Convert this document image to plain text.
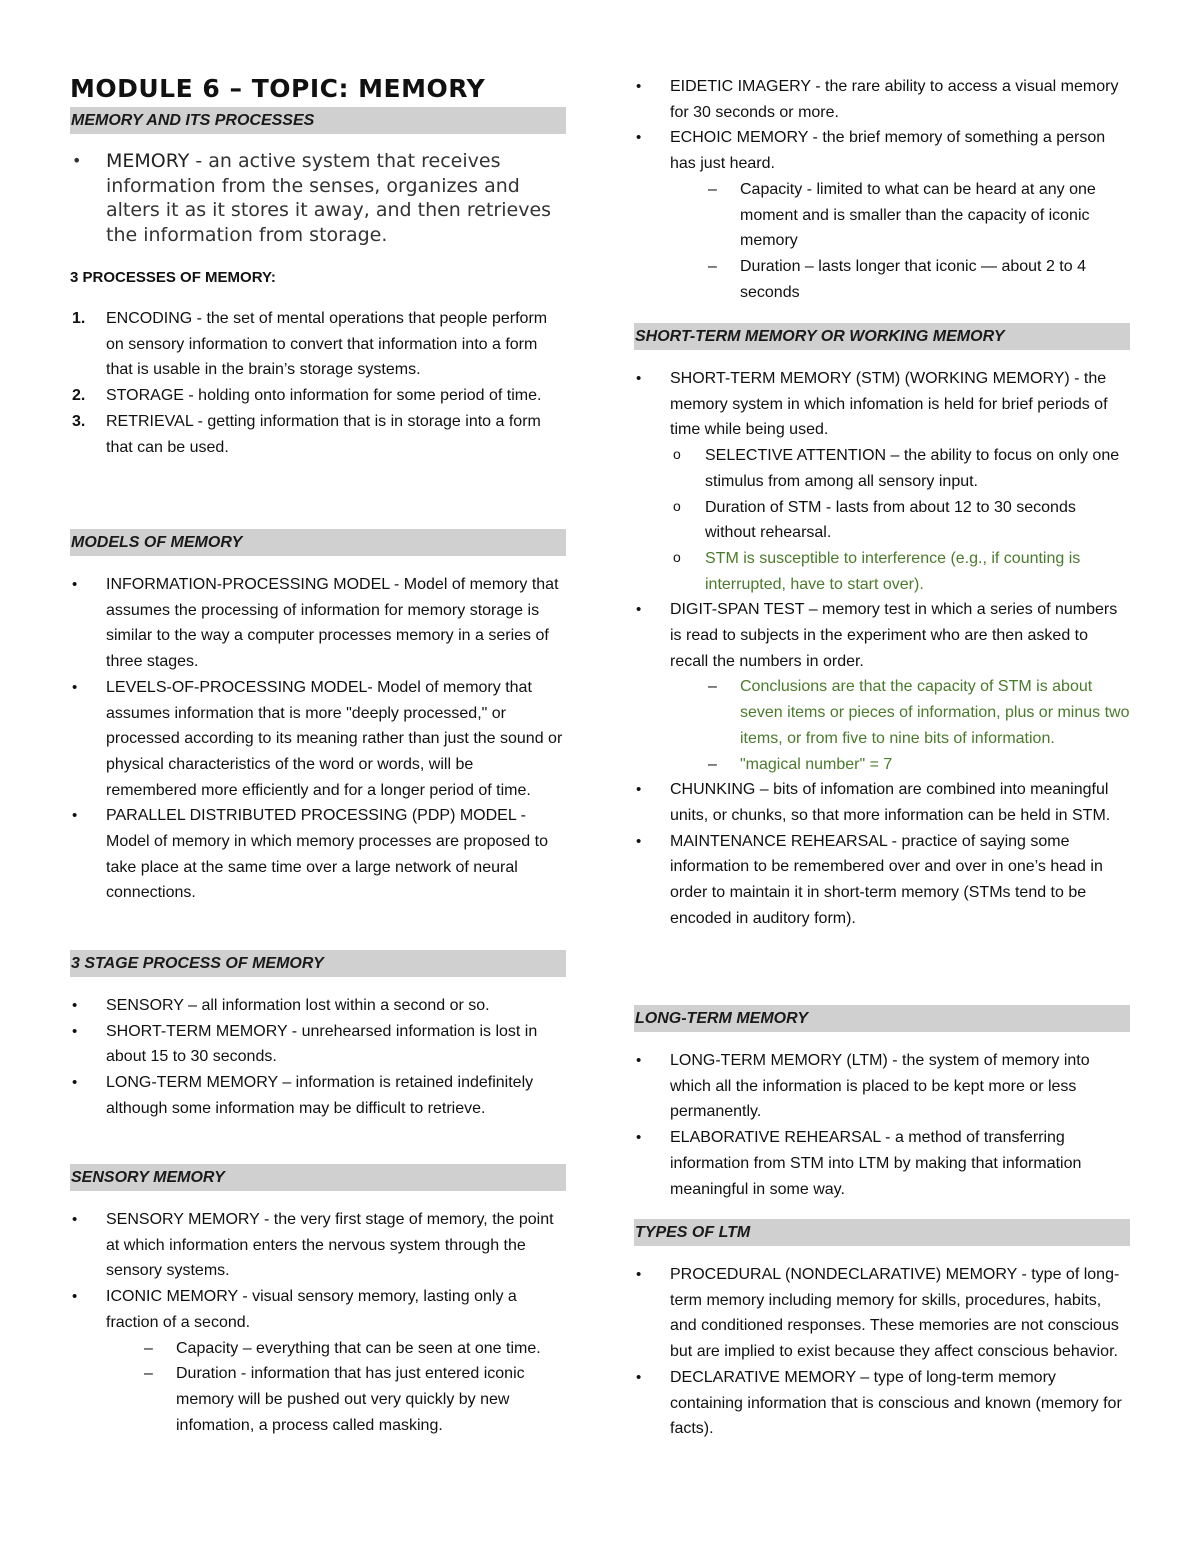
MODULE 6 – TOPIC: MEMORY
MEMORY AND ITS PROCESSES
• MEMORY - an active system that receives information from the senses, organizes and alters it as it stores it away, and then retrieves the information from storage.
3 PROCESSES OF MEMORY:
1. ENCODING - the set of mental operations that people perform on sensory information to convert that information into a form that is usable in the brain’s storage systems.
2. STORAGE - holding onto information for some period of time.
3. RETRIEVAL - getting information that is in storage into a form that can be used.
MODELS OF MEMORY
• INFORMATION-PROCESSING MODEL - Model of memory that assumes the processing of information for memory storage is similar to the way a computer processes memory in a series of three stages.
• LEVELS-OF-PROCESSING MODEL- Model of memory that assumes information that is more "deeply processed," or processed according to its meaning rather than just the sound or physical characteristics of the word or words, will be remembered more efficiently and for a longer period of time.
• PARALLEL DISTRIBUTED PROCESSING (PDP) MODEL - Model of memory in which memory processes are proposed to take place at the same time over a large network of neural connections.
3 STAGE PROCESS OF MEMORY
• SENSORY – all information lost within a second or so.
• SHORT-TERM MEMORY - unrehearsed information is lost in about 15 to 30 seconds.
• LONG-TERM MEMORY – information is retained indefinitely although some information may be difficult to retrieve.
SENSORY MEMORY
• SENSORY MEMORY - the very first stage of memory, the point at which information enters the nervous system through the sensory systems.
• ICONIC MEMORY - visual sensory memory, lasting only a fraction of a second.
– Capacity – everything that can be seen at one time.
– Duration - information that has just entered iconic memory will be pushed out very quickly by new infomation, a process called masking.
• EIDETIC IMAGERY - the rare ability to access a visual memory for 30 seconds or more.
• ECHOIC MEMORY - the brief memory of something a person has just heard.
– Capacity - limited to what can be heard at any one moment and is smaller than the capacity of iconic memory
– Duration – lasts longer that iconic — about 2 to 4 seconds
SHORT-TERM MEMORY OR WORKING MEMORY
• SHORT-TERM MEMORY (STM) (WORKING MEMORY) - the memory system in which infomation is held for brief periods of time while being used.
o SELECTIVE ATTENTION – the ability to focus on only one stimulus from among all sensory input.
o Duration of STM - lasts from about 12 to 30 seconds without rehearsal.
o STM is susceptible to interference (e.g., if counting is interrupted, have to start over).
• DIGIT-SPAN TEST – memory test in which a series of numbers is read to subjects in the experiment who are then asked to recall the numbers in order.
– Conclusions are that the capacity of STM is about seven items or pieces of information, plus or minus two items, or from five to nine bits of information.
– "magical number" = 7
• CHUNKING – bits of infomation are combined into meaningful units, or chunks, so that more information can be held in STM.
• MAINTENANCE REHEARSAL - practice of saying some information to be remembered over and over in one’s head in order to maintain it in short-term memory (STMs tend to be encoded in auditory form).
LONG-TERM MEMORY
• LONG-TERM MEMORY (LTM) - the system of memory into which all the information is placed to be kept more or less permanently.
• ELABORATIVE REHEARSAL - a method of transferring information from STM into LTM by making that information meaningful in some way.
TYPES OF LTM
• PROCEDURAL (NONDECLARATIVE) MEMORY - type of long-term memory including memory for skills, procedures, habits, and conditioned responses. These memories are not conscious but are implied to exist because they affect conscious behavior.
• DECLARATIVE MEMORY – type of long-term memory containing information that is conscious and known (memory for facts).
